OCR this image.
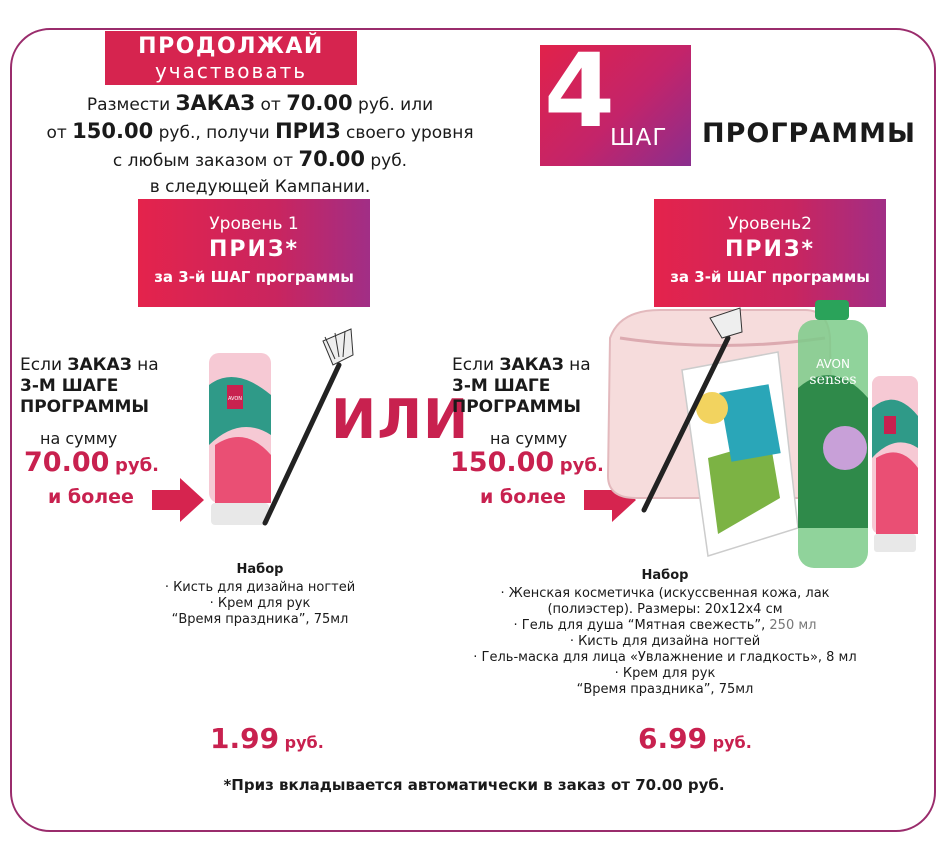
ПРОДОЛЖАЙ
участвовать
Размести ЗАКАЗ от 70.00 руб. или
от 150.00 руб., получи ПРИЗ своего уровня
с любым заказом от 70.00 руб.
в следующей Кампании.
4
ШАГ ПРОГРАММЫ
Уровень 1
ПРИЗ*
за 3-й ШАГ программы
Если ЗАКАЗ на
3-М ШАГЕ
ПРОГРАММЫ
на сумму
70.00 руб.
и более
AVON ИЛИ
Набор
· Кисть для дизайна ногтей
· Крем для рук
“Время праздника”, 75мл
1.99 руб.
Уровень2
ПРИЗ*
за 3-й ШАГ программы
Если ЗАКАЗ на
3-М ШАГЕ
ПРОГРАММЫ
на сумму
150.00 руб.
и более
AVON
senses
Набор
· Женская косметичка (искуссвенная кожа, лак
(полиэстер). Размеры: 20х12х4 см
· Гель для душа “Мятная свежесть”, 250 мл
· Кисть для дизайна ногтей
· Гель-маска для лица «Увлажнение и гладкость», 8 мл
· Крем для рук
“Время праздника”, 75мл
6.99 руб.
*Приз вкладывается автоматически в заказ от 70.00 руб.
